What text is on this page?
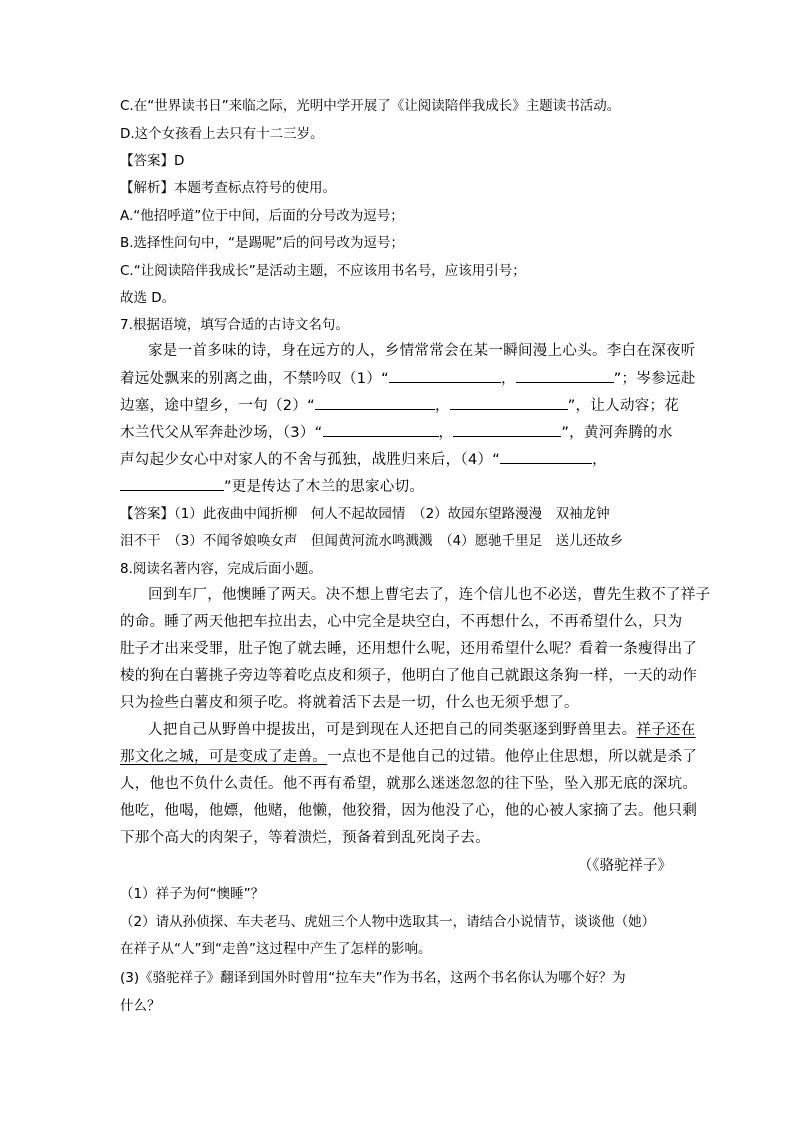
C.在“世界读书日”来临之际，光明中学开展了《让阅读陪伴我成长》主题读书活动。
D.这个女孩看上去只有十二三岁。
【答案】D
【解析】本题考查标点符号的使用。
A.“他招呼道”位于中间，后面的分号改为逗号；
B.选择性问句中，“是踢呢”后的问号改为逗号；
C.“让阅读陪伴我成长”是活动主题，不应该用书名号，应该用引号；
故选 D。
7.根据语境，填写合适的古诗文名句。
家是一首多味的诗，身在远方的人，乡情常常会在某一瞬间漫上心头。李白在深夜听
着远处飘来的别离之曲，不禁吟叹（1）“	，	”；岑参远赴
边塞，途中望乡，一句（2）“	，	”，让人动容；花
木兰代父从军奔赴沙场，（3）“	，	”，黄河奔腾的水
声勾起少女心中对家人的不舍与孤独，战胜归来后，（4）“	，
”更是传达了木兰的思家心切。
【答案】（1）此夜曲中闻折柳　何人不起故园情　（2）故园东望路漫漫　双袖龙钟
泪不干　（3）不闻爷娘唤女声　但闻黄河流水鸣溅溅　（4）愿驰千里足　送儿还故乡
8.阅读名著内容，完成后面小题。
回到车厂，他懊睡了两天。决不想上曹宅去了，连个信儿也不必送，曹先生救不了祥子
的命。睡了两天他把车拉出去，心中完全是块空白，不再想什么，不再希望什么，只为
肚子才出来受罪，肚子饱了就去睡，还用想什么呢，还用希望什么呢？看着一条瘦得出了
棱的狗在白薯挑子旁边等着吃点皮和须子，他明白了他自己就跟这条狗一样，一天的动作
只为捡些白薯皮和须子吃。将就着活下去是一切，什么也无须乎想了。
人把自己从野兽中提拔出，可是到现在人还把自己的同类驱逐到野兽里去。祥子还在
那文化之城，可是变成了走兽。一点也不是他自己的过错。他停止住思想，所以就是杀了
人，他也不负什么责任。他不再有希望，就那么迷迷忽忽的往下坠，坠入那无底的深坑。
他吃，他喝，他嫖，他赌，他懒，他狡猾，因为他没了心，他的心被人家摘了去。他只剩
下那个高大的肉架子，等着溃烂，预备着到乱死岗子去。
（《骆驼祥子》
（1）祥子为何“懊睡”？
（2）请从孙侦探、车夫老马、虎妞三个人物中选取其一，请结合小说情节，谈谈他（她）
在祥子从“人”到“走兽”这过程中产生了怎样的影响。
(3)《骆驼祥子》翻译到国外时曾用“拉车夫”作为书名，这两个书名你认为哪个好？为
什么？
